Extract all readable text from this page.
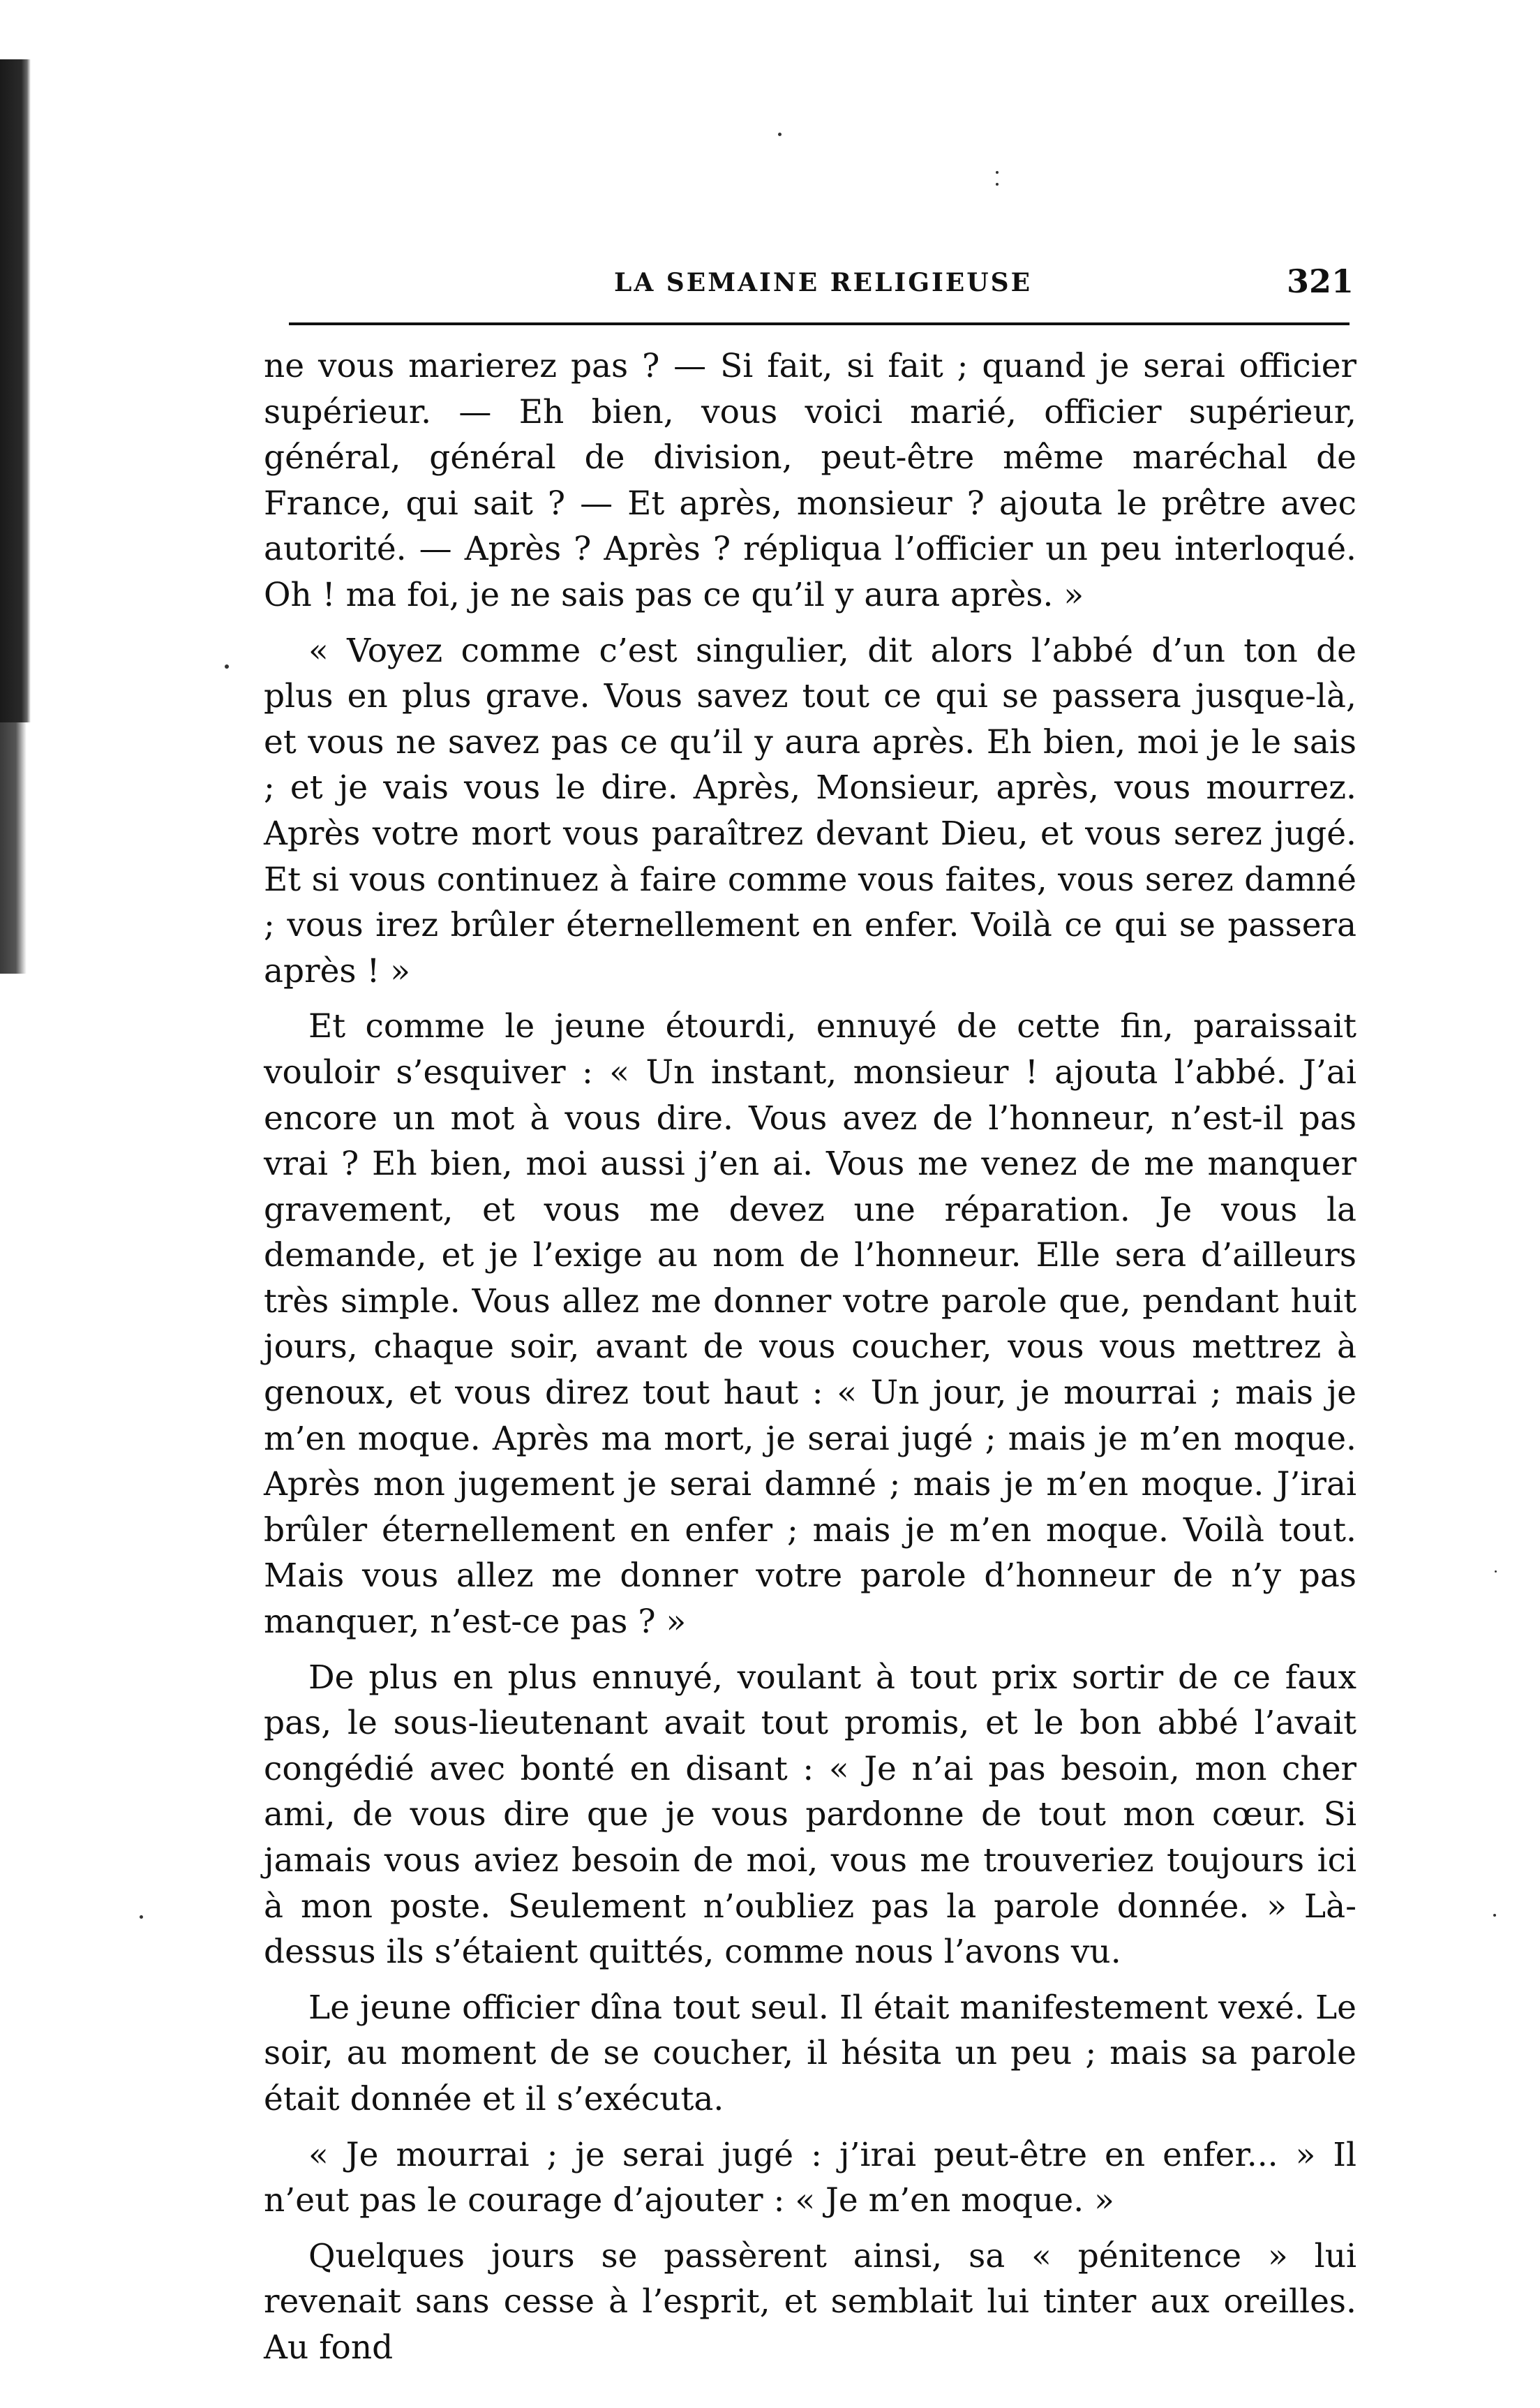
LA SEMAINE RELIGIEUSE	321

ne vous marierez pas ? — Si fait, si fait ; quand je serai officier supérieur. — Eh bien, vous voici marié, officier supérieur, général, général de division, peut-être même maréchal de France, qui sait ? — Et après, monsieur ? ajouta le prêtre avec autorité. — Après ? Après ? répliqua l’officier un peu interloqué. Oh ! ma foi, je ne sais pas ce qu’il y aura après. »

« Voyez comme c’est singulier, dit alors l’abbé d’un ton de plus en plus grave. Vous savez tout ce qui se passera jusque-là, et vous ne savez pas ce qu’il y aura après. Eh bien, moi je le sais ; et je vais vous le dire. Après, Monsieur, après, vous mourrez. Après votre mort vous paraîtrez devant Dieu, et vous serez jugé. Et si vous continuez à faire comme vous faites, vous serez damné ; vous irez brûler éternellement en enfer. Voilà ce qui se passera après ! »

Et comme le jeune étourdi, ennuyé de cette fin, paraissait vouloir s’esquiver : « Un instant, monsieur ! ajouta l’abbé. J’ai encore un mot à vous dire. Vous avez de l’honneur, n’est-il pas vrai ? Eh bien, moi aussi j’en ai. Vous me venez de me manquer gravement, et vous me devez une réparation. Je vous la demande, et je l’exige au nom de l’honneur. Elle sera d’ailleurs très simple. Vous allez me donner votre parole que, pendant huit jours, chaque soir, avant de vous coucher, vous vous mettrez à genoux, et vous direz tout haut : « Un jour, je mourrai ; mais je m’en moque. Après ma mort, je serai jugé ; mais je m’en moque. Après mon jugement je serai damné ; mais je m’en moque. J’irai brûler éternellement en enfer ; mais je m’en moque. Voilà tout. Mais vous allez me donner votre parole d’honneur de n’y pas manquer, n’est-ce pas ? »

De plus en plus ennuyé, voulant à tout prix sortir de ce faux pas, le sous-lieutenant avait tout promis, et le bon abbé l’avait congédié avec bonté en disant : « Je n’ai pas besoin, mon cher ami, de vous dire que je vous pardonne de tout mon cœur. Si jamais vous aviez besoin de moi, vous me trouveriez toujours ici à mon poste. Seulement n’oubliez pas la parole donnée. » Là-dessus ils s’étaient quittés, comme nous l’avons vu.

Le jeune officier dîna tout seul. Il était manifestement vexé. Le soir, au moment de se coucher, il hésita un peu ; mais sa parole était donnée et il s’exécuta.

« Je mourrai ; je serai jugé : j’irai peut-être en enfer... » Il n’eut pas le courage d’ajouter : « Je m’en moque. »

Quelques jours se passèrent ainsi, sa « pénitence » lui revenait sans cesse à l’esprit, et semblait lui tinter aux oreilles. Au fond
